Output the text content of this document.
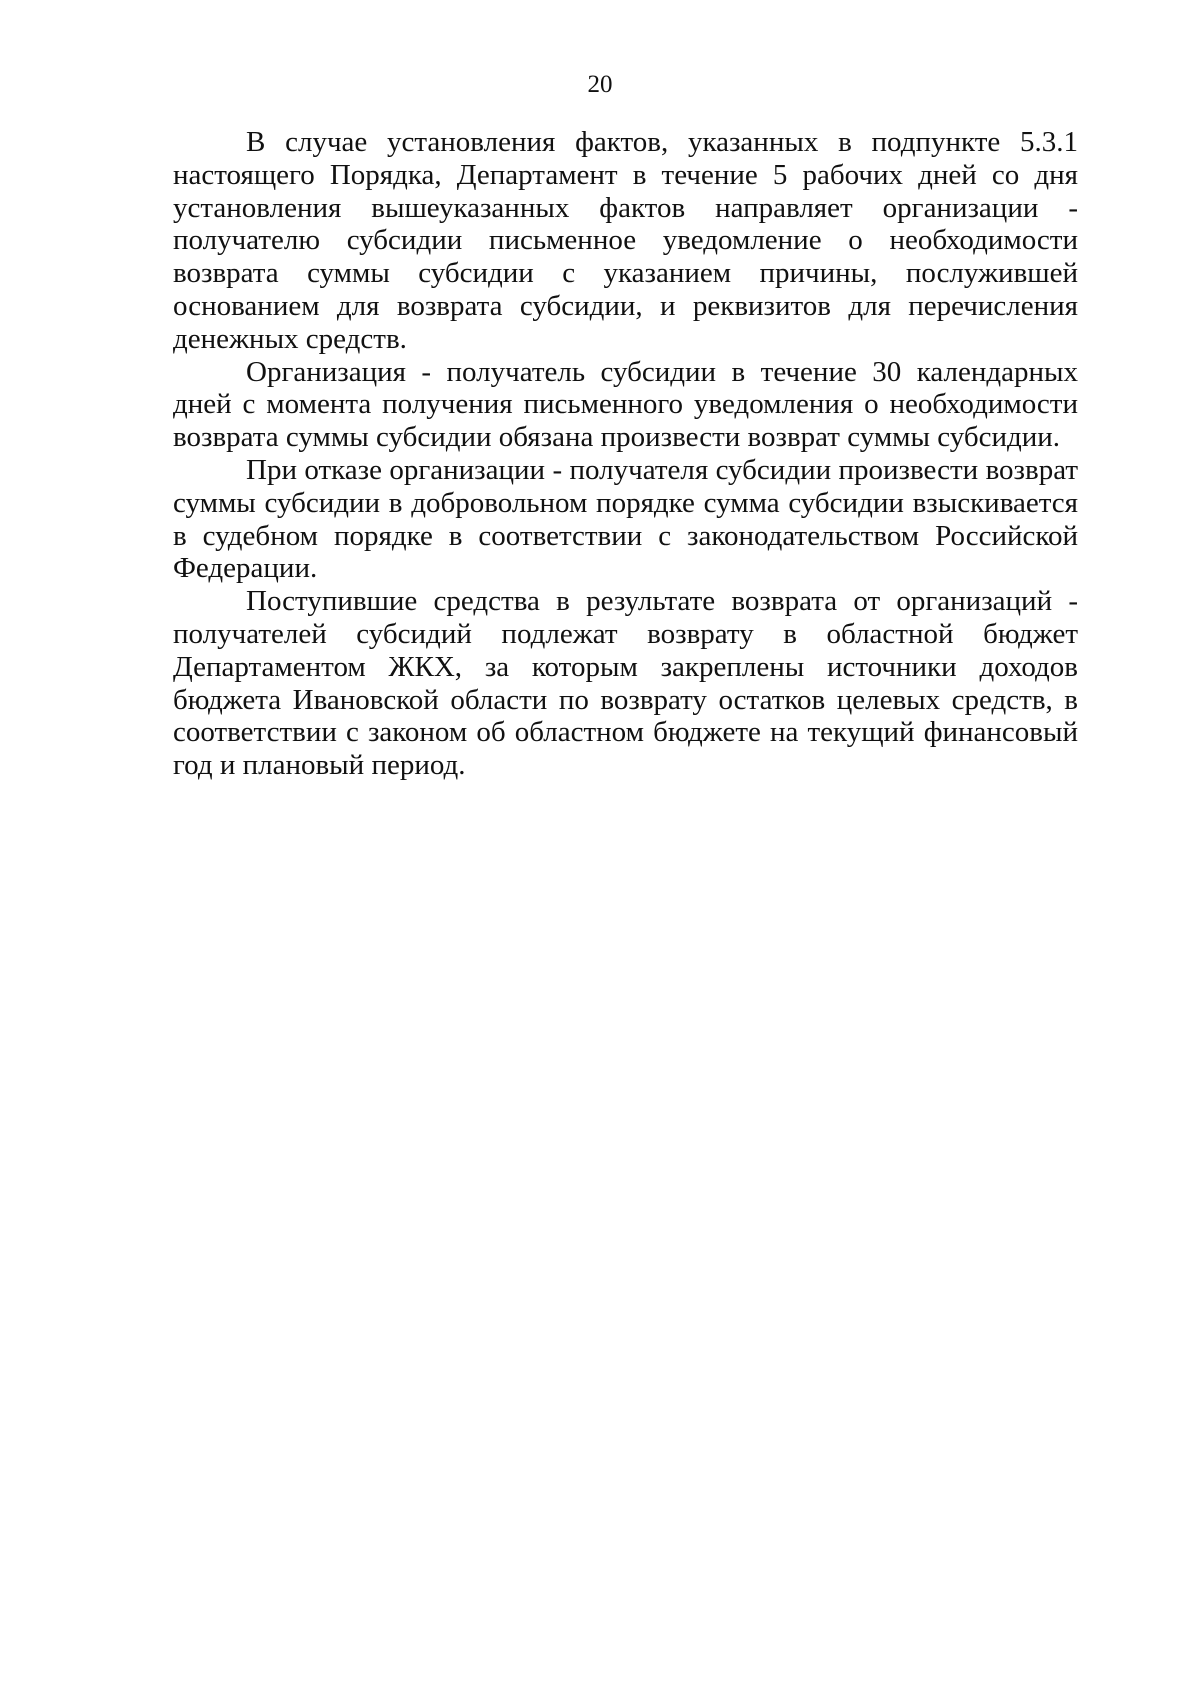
20

В случае установления фактов, указанных в подпункте 5.3.1 настоящего Порядка, Департамент в течение 5 рабочих дней со дня установления вышеуказанных фактов направляет организации - получателю субсидии письменное уведомление о необходимости возврата суммы субсидии с указанием причины, послужившей основанием для возврата субсидии, и реквизитов для перечисления денежных средств.

Организация - получатель субсидии в течение 30 календарных дней с момента получения письменного уведомления о необходимости возврата суммы субсидии обязана произвести возврат суммы субсидии.

При отказе организации - получателя субсидии произвести возврат суммы субсидии в добровольном порядке сумма субсидии взыскивается в судебном порядке в соответствии с законодательством Российской Федерации.

Поступившие средства в результате возврата от организаций - получателей субсидий подлежат возврату в областной бюджет Департаментом ЖКХ, за которым закреплены источники доходов бюджета Ивановской области по возврату остатков целевых средств, в соответствии с законом об областном бюджете на текущий финансовый год и плановый период.
